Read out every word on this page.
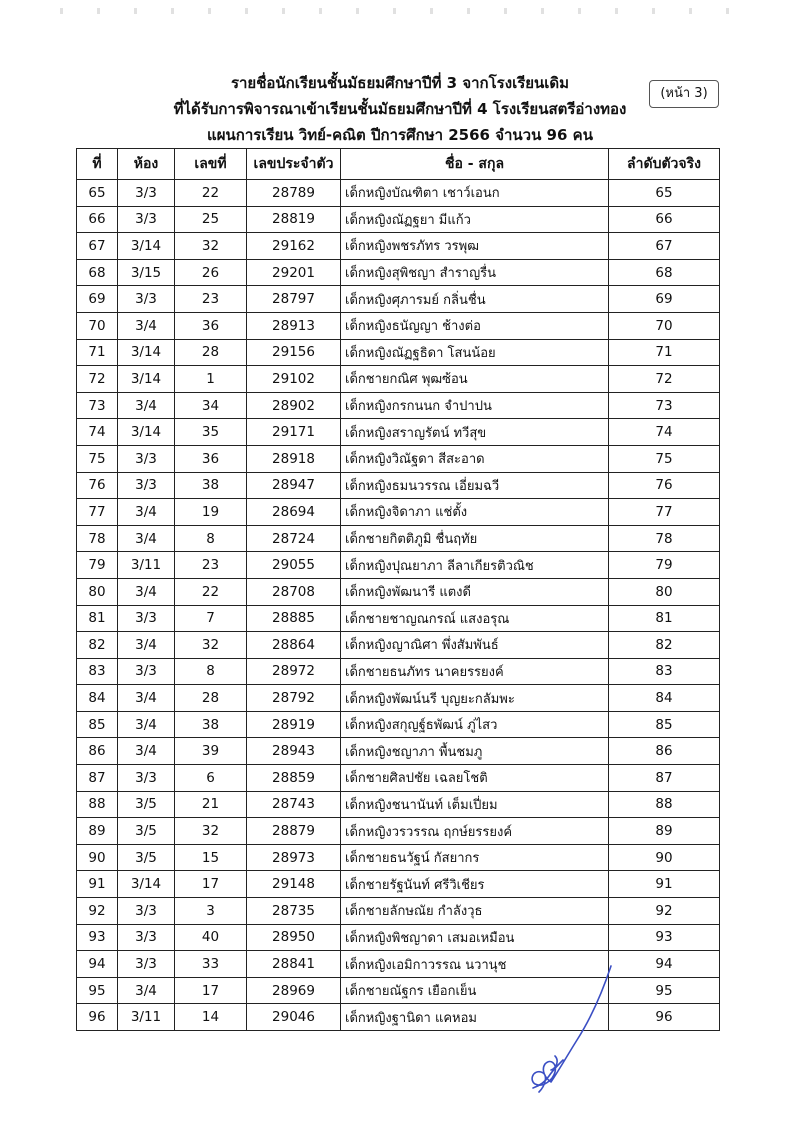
รายชื่อนักเรียนชั้นมัธยมศึกษาปีที่ 3 จากโรงเรียนเดิม
ที่ได้รับการพิจารณาเข้าเรียนชั้นมัธยมศึกษาปีที่ 4 โรงเรียนสตรีอ่างทอง
แผนการเรียน วิทย์-คณิต ปีการศึกษา 2566 จำนวน 96 คน
(หน้า 3)
ที่	ห้อง	เลขที่	เลขประจำตัว	ชื่อ - สกุล	ลำดับตัวจริง
65	3/3	22	28789	เด็กหญิงบัณฑิตา เชาว์เอนก	65
66	3/3	25	28819	เด็กหญิงณัฏฐยา มีแก้ว	66
67	3/14	32	29162	เด็กหญิงพชรภัทร วรพุฒ	67
68	3/15	26	29201	เด็กหญิงสุพิชญา สำราญรื่น	68
69	3/3	23	28797	เด็กหญิงศุภารมย์ กลิ่นชื่น	69
70	3/4	36	28913	เด็กหญิงธนัญญา ช้างต่อ	70
71	3/14	28	29156	เด็กหญิงณัฏฐธิดา โสนน้อย	71
72	3/14	1	29102	เด็กชายกณิศ พุฒซ้อน	72
73	3/4	34	28902	เด็กหญิงกรกนนก จำปาปน	73
74	3/14	35	29171	เด็กหญิงสราญรัตน์ ทวีสุข	74
75	3/3	36	28918	เด็กหญิงวิณัฐดา สีสะอาด	75
76	3/3	38	28947	เด็กหญิงธมนวรรณ เอี่ยมฉวี	76
77	3/4	19	28694	เด็กหญิงจิดาภา แช่ตั้ง	77
78	3/4	8	28724	เด็กชายกิตติภูมิ ชื่นฤทัย	78
79	3/11	23	29055	เด็กหญิงปุณยาภา ลีลาเกียรติวณิช	79
80	3/4	22	28708	เด็กหญิงพัฒนารี แตงดี	80
81	3/3	7	28885	เด็กชายชาญณกรณ์ แสงอรุณ	81
82	3/4	32	28864	เด็กหญิงญาณิศา พึ่งสัมพันธ์	82
83	3/3	8	28972	เด็กชายธนภัทร นาคยรรยงค์	83
84	3/4	28	28792	เด็กหญิงพัฒน์นรี บุญยะกลัมพะ	84
85	3/4	38	28919	เด็กหญิงสกุญฐ์ธพัฒน์ ภู่ไสว	85
86	3/4	39	28943	เด็กหญิงชญาภา พื้นชมภู	86
87	3/3	6	28859	เด็กชายศิลปชัย เฉลยโชติ	87
88	3/5	21	28743	เด็กหญิงชนานันท์ เต็มเปี่ยม	88
89	3/5	32	28879	เด็กหญิงวรวรรณ ฤกษ์ยรรยงค์	89
90	3/5	15	28973	เด็กชายธนวัฐน์ กัสยากร	90
91	3/14	17	29148	เด็กชายรัฐนันท์ ศรีวิเชียร	91
92	3/3	3	28735	เด็กชายลักษณัย กำลังวุธ	92
93	3/3	40	28950	เด็กหญิงพิชญาดา เสมอเหมือน	93
94	3/3	33	28841	เด็กหญิงเอมิกาวรรณ นวานุช	94
95	3/4	17	28969	เด็กชายณัฐกร เยือกเย็น	95
96	3/11	14	29046	เด็กหญิงฐานิดา แคหอม	96
